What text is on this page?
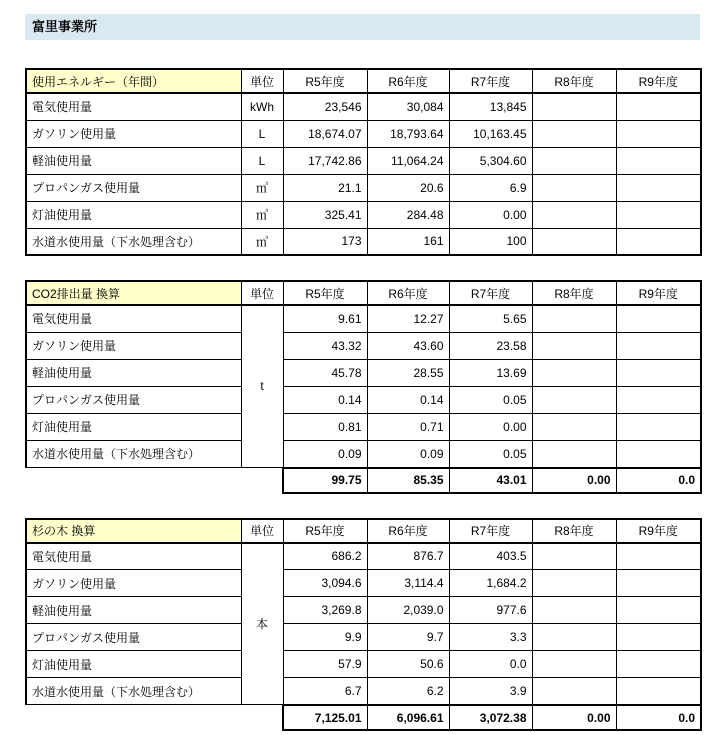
富里事業所
使用エネルギー（年間）	単位	R5年度	R6年度	R7年度	R8年度	R9年度
電気使用量	kWh	23,546	30,084	13,845		
ガソリン使用量	L	18,674.07	18,793.64	10,163.45		
軽油使用量	L	17,742.86	11,064.24	5,304.60		
プロパンガス使用量	㎥	21.1	20.6	6.9		
灯油使用量	㎥	325.41	284.48	0.00		
水道水使用量（下水処理含む）	㎥	173	161	100		
CO2排出量 換算	単位	R5年度	R6年度	R7年度	R8年度	R9年度
電気使用量	t	9.61	12.27	5.65		
ガソリン使用量		43.32	43.60	23.58		
軽油使用量		45.78	28.55	13.69		
プロパンガス使用量		0.14	0.14	0.05		
灯油使用量		0.81	0.71	0.00		
水道水使用量（下水処理含む）		0.09	0.09	0.05		
99.75	85.35	43.01	0.00	0.0
杉の木 換算	単位	R5年度	R6年度	R7年度	R8年度	R9年度
電気使用量	本	686.2	876.7	403.5		
ガソリン使用量		3,094.6	3,114.4	1,684.2		
軽油使用量		3,269.8	2,039.0	977.6		
プロパンガス使用量		9.9	9.7	3.3		
灯油使用量		57.9	50.6	0.0		
水道水使用量（下水処理含む）		6.7	6.2	3.9		
7,125.01	6,096.61	3,072.38	0.00	0.0
